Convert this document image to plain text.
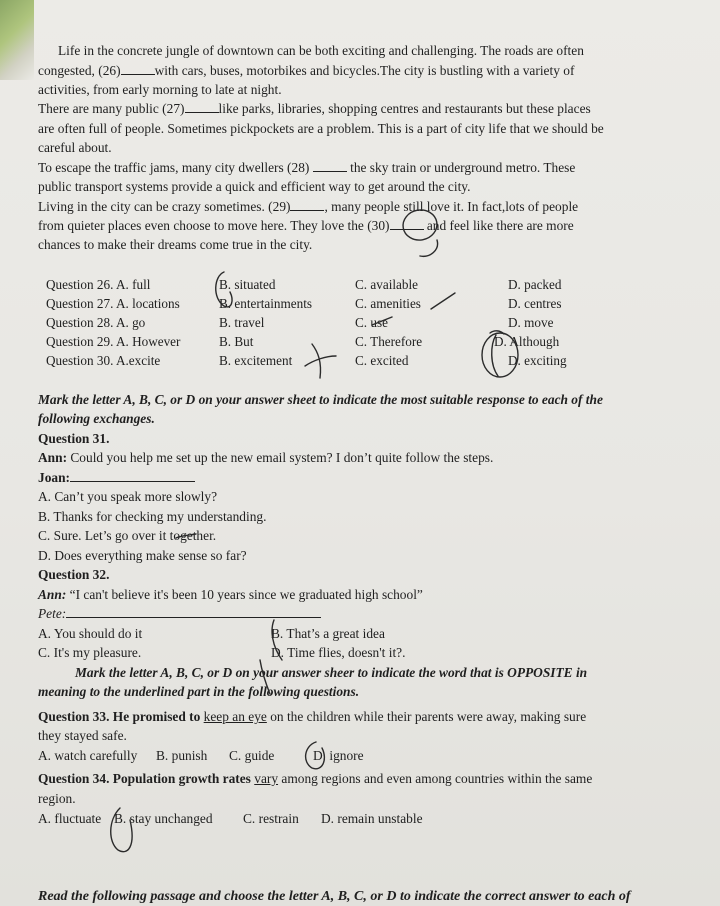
Life in the concrete jungle of downtown can be both exciting and challenging. The roads are often
congested, (26)	with cars, buses, motorbikes and bicycles.The city is bustling with a variety of
activities, from early morning to late at night.
There are many public (27)	like parks, libraries, shopping centres and restaurants but these places
are often full of people. Sometimes pickpockets are a problem. This is a part of city life that we should be
careful about.
To escape the traffic jams, many city dwellers (28)	the sky train or underground metro. These
public transport systems provide a quick and efficient way to get around the city.
Living in the city can be crazy sometimes. (29)	, many people still love it. In fact,lots of people
from quieter places even choose to move here. They love the (30)	and feel like there are more
chances to make their dreams come true in the city.
Question 26. A. full	B. situated	C. available	D. packed
Question 27. A. locations	B. entertainments	C. amenities	D. centres
Question 28. A. go	B. travel	C. use	D. move
Question 29. A. However	B. But	C. Therefore	D. Although
Question 30. A.excite	B. excitement	C. excited	D. exciting
Mark the letter A, B, C, or D on your answer sheet to indicate the most suitable response to each of the
following exchanges.
Question 31.
Ann: Could you help me set up the new email system? I don’t quite follow the steps.
Joan:
A. Can’t you speak more slowly?
B. Thanks for checking my understanding.
C. Sure. Let’s go over it together.
D. Does everything make sense so far?
Question 32.
Ann: “I can't believe it's been 10 years since we graduated high school”
Pete:
A. You should do it	B. That’s a great idea
C. It's my pleasure.	D. Time flies, doesn't it?.
Mark the letter A, B, C, or D on your answer sheer to indicate the word that is OPPOSITE in
meaning to the underlined part in the following questions.
Question 33. He promised to keep an eye on the children while their parents were away, making sure
they stayed safe.
A. watch carefully B. punish C. guide	D. ignore
Question 34. Population growth rates vary among regions and even among countries within the same
region.
A. fluctuate B. stay unchanged C. restrain D. remain unstable
Read the following passage and choose the letter A, B, C, or D to indicate the correct answer to each of
